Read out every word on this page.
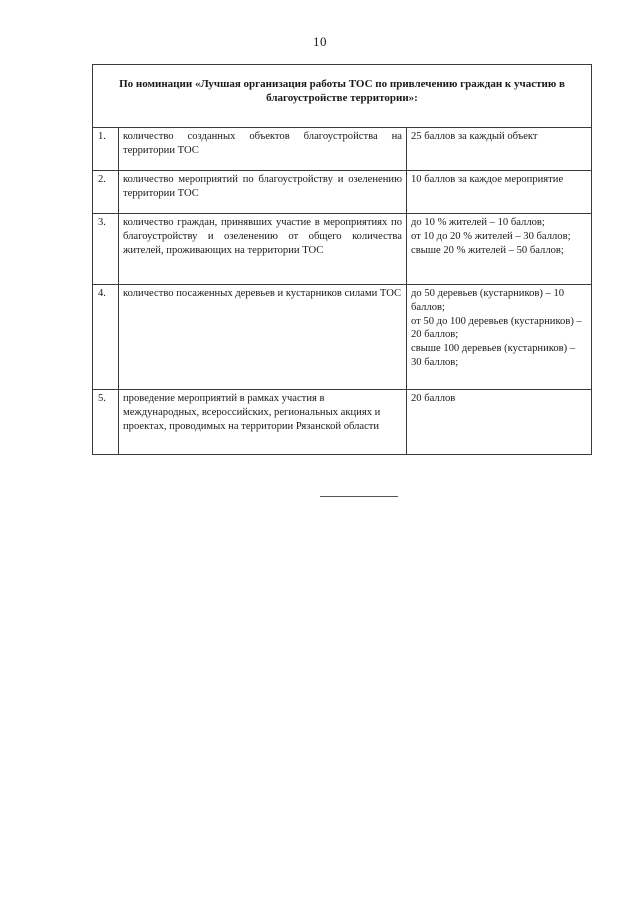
10
По номинации «Лучшая организация работы ТОС по привлечению граждан к участию в благоустройстве территории»:		
1.	количество созданных объектов благоустройства на территории ТОС	25 баллов за каждый объект

2.	количество мероприятий по благоустройству и озеленению территории ТОС	10 баллов за каждое мероприятие

3.	количество граждан, принявших участие в мероприятиях по благоустройству и озеленению от общего количества жителей, проживающих на территории ТОС	до 10 % жителей – 10 баллов;
от 10 до 20 % жителей – 30 баллов;
свыше 20 % жителей – 50 баллов;

4.	количество посаженных деревьев и кустарников силами ТОС	до 50 деревьев (кустарников) – 10 баллов;
от 50 до 100 деревьев (кустарников) – 20 баллов;
свыше 100 деревьев (кустарников) – 30 баллов;

5.	проведение мероприятий в рамках участия в международных, всероссийских, региональных акциях и проектах, проводимых на территории Рязанской области	20 баллов
